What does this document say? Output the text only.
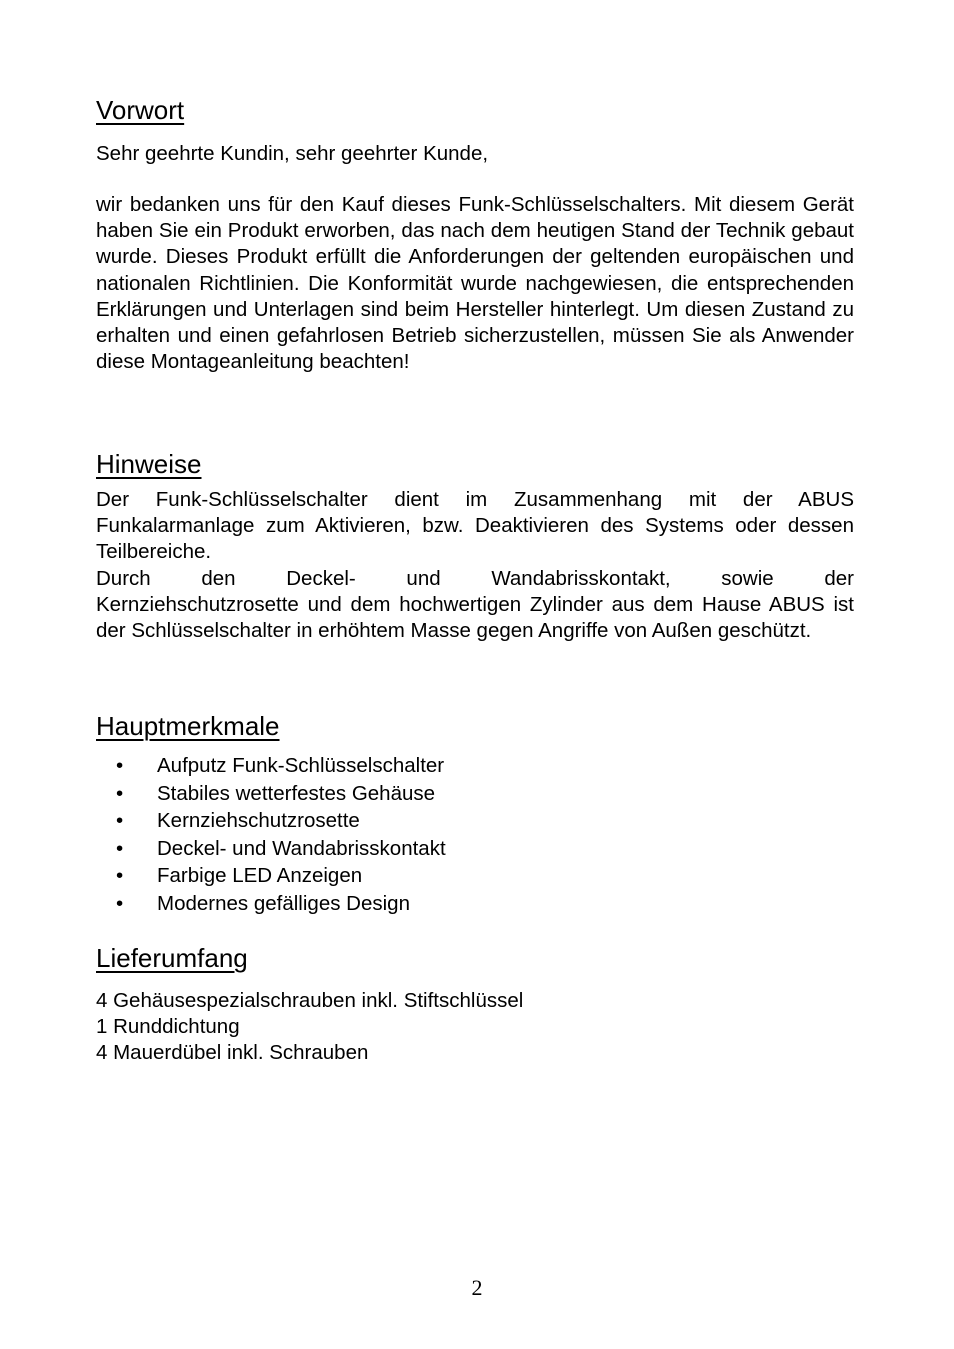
Vorwort

Sehr geehrte Kundin, sehr geehrter Kunde,

wir bedanken uns für den Kauf dieses Funk-Schlüsselschalters. Mit diesem Gerät haben Sie ein Produkt erworben, das nach dem heutigen Stand der Technik gebaut wurde. Dieses Produkt erfüllt die Anforderungen der geltenden europäischen und nationalen Richtlinien. Die Konformität wurde nachgewiesen, die entsprechenden Erklärungen und Unterlagen sind beim Hersteller hinterlegt. Um diesen Zustand zu erhalten und einen gefahrlosen Betrieb sicherzustellen, müssen Sie als Anwender diese Montageanleitung beachten!

Hinweise

Der Funk-Schlüsselschalter dient im Zusammenhang mit der ABUS Funkalarmanlage zum Aktivieren, bzw. Deaktivieren des Systems oder dessen Teilbereiche.

Durch den Deckel- und Wandabrisskontakt, sowie der

Kernziehschutzrosette und dem hochwertigen Zylinder aus dem Hause ABUS ist der Schlüsselschalter in erhöhtem Masse gegen Angriffe von Außen geschützt.

Hauptmerkmale
• Aufputz Funk-Schlüsselschalter
• Stabiles wetterfestes Gehäuse
• Kernziehschutzrosette
• Deckel- und Wandabrisskontakt
• Farbige LED Anzeigen
• Modernes gefälliges Design
Lieferumfang

4 Gehäusespezialschrauben inkl. Stiftschlüssel

1 Runddichtung

4 Mauerdübel inkl. Schrauben

2
